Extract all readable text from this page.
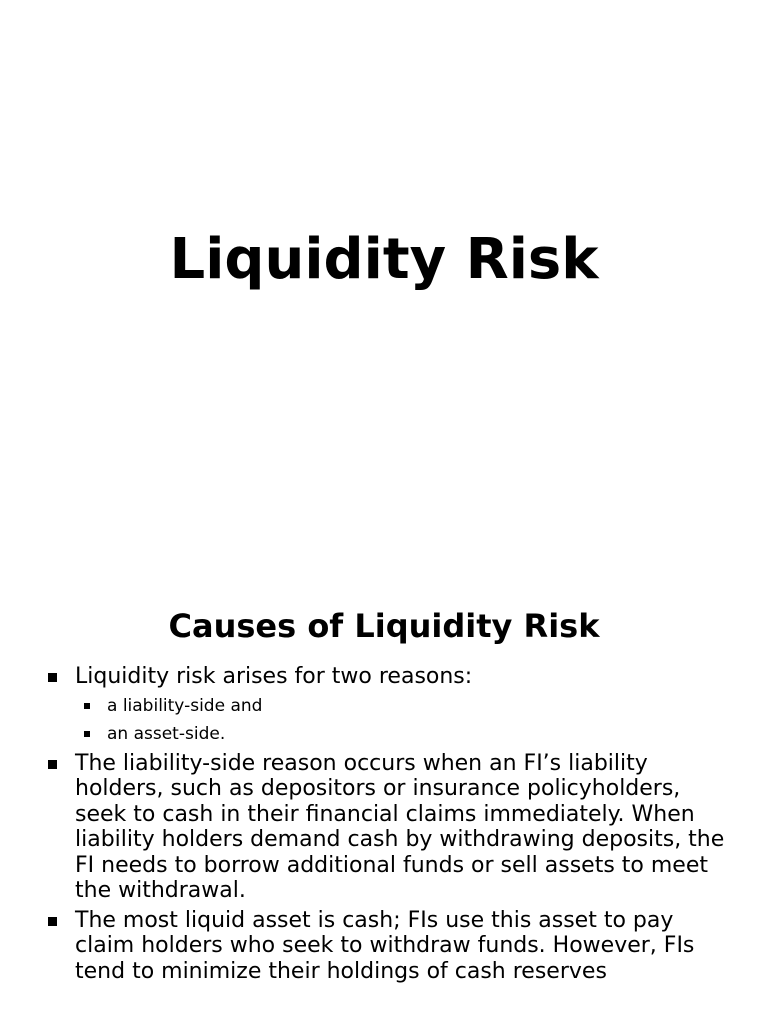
Liquidity Risk
Causes of Liquidity Risk
Liquidity risk arises for two reasons:
a liability-side and
an asset-side.
The liability-side reason occurs when an FI’s liability holders, such as depositors or insurance policyholders, seek to cash in their financial claims immediately. When liability holders demand cash by withdrawing deposits, the FI needs to borrow additional funds or sell assets to meet the withdrawal.
The most liquid asset is cash; FIs use this asset to pay claim holders who seek to withdraw funds. However, FIs tend to minimize their holdings of cash reserves
